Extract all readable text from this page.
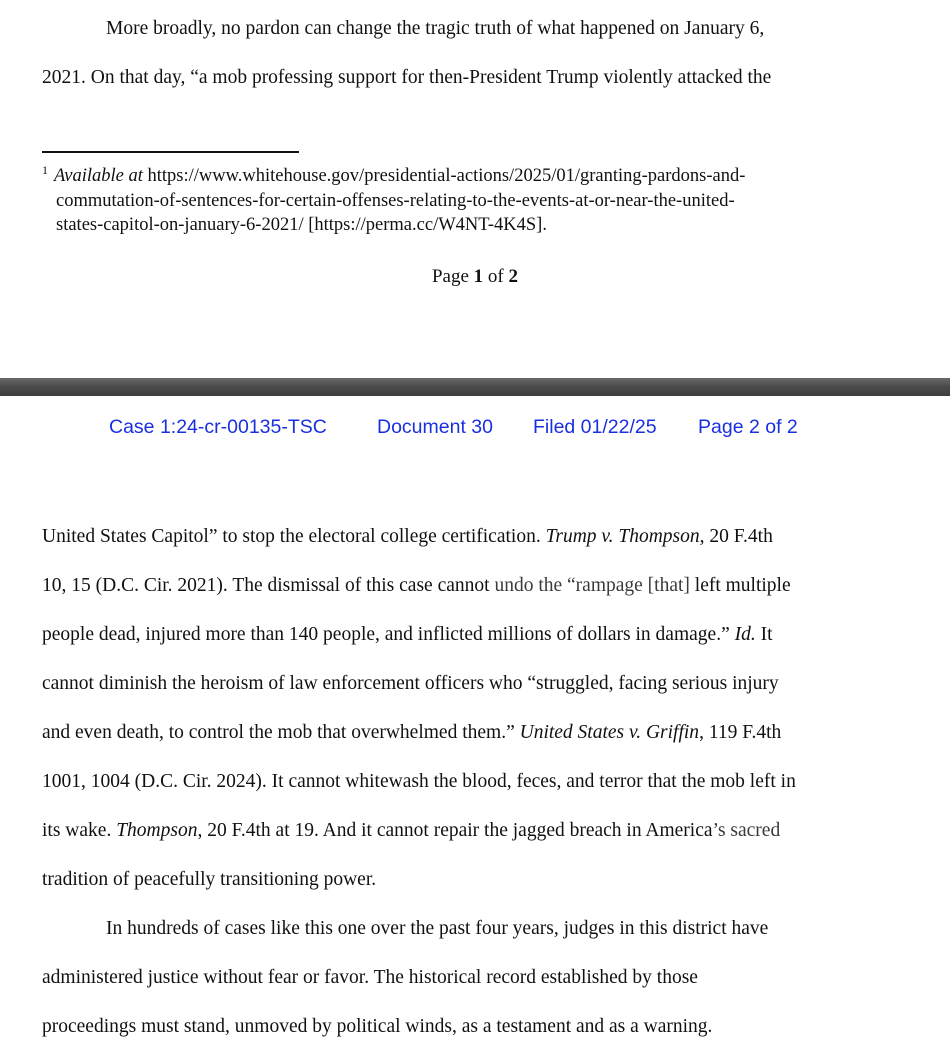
More broadly, no pardon can change the tragic truth of what happened on January 6,
2021. On that day, “a mob professing support for then-President Trump violently attacked the
$^1$ Available at https://www.whitehouse.gov/presidential-actions/2025/01/granting-pardons-and-
commutation-of-sentences-for-certain-offenses-relating-to-the-events-at-or-near-the-united-
states-capitol-on-january-6-2021/ [https://perma.cc/W4NT-4K4S].
Page 1 of 2
Case 1:24-cr-00135-TSC	Document 30 Filed 01/22/25 Page 2 of 2
United States Capitol” to stop the electoral college certification. Trump v. Thompson, 20 F.4th
10, 15 (D.C. Cir. 2021). The dismissal of this case cannot undo the “rampage [that] left multiple
people dead, injured more than 140 people, and inflicted millions of dollars in damage.” Id. It
cannot diminish the heroism of law enforcement officers who “struggled, facing serious injury
and even death, to control the mob that overwhelmed them.” United States v. Griffin, 119 F.4th
1001, 1004 (D.C. Cir. 2024). It cannot whitewash the blood, feces, and terror that the mob left in
its wake. Thompson, 20 F.4th at 19. And it cannot repair the jagged breach in America’s sacred
tradition of peacefully transitioning power.
In hundreds of cases like this one over the past four years, judges in this district have
administered justice without fear or favor. The historical record established by those
proceedings must stand, unmoved by political winds, as a testament and as a warning.
